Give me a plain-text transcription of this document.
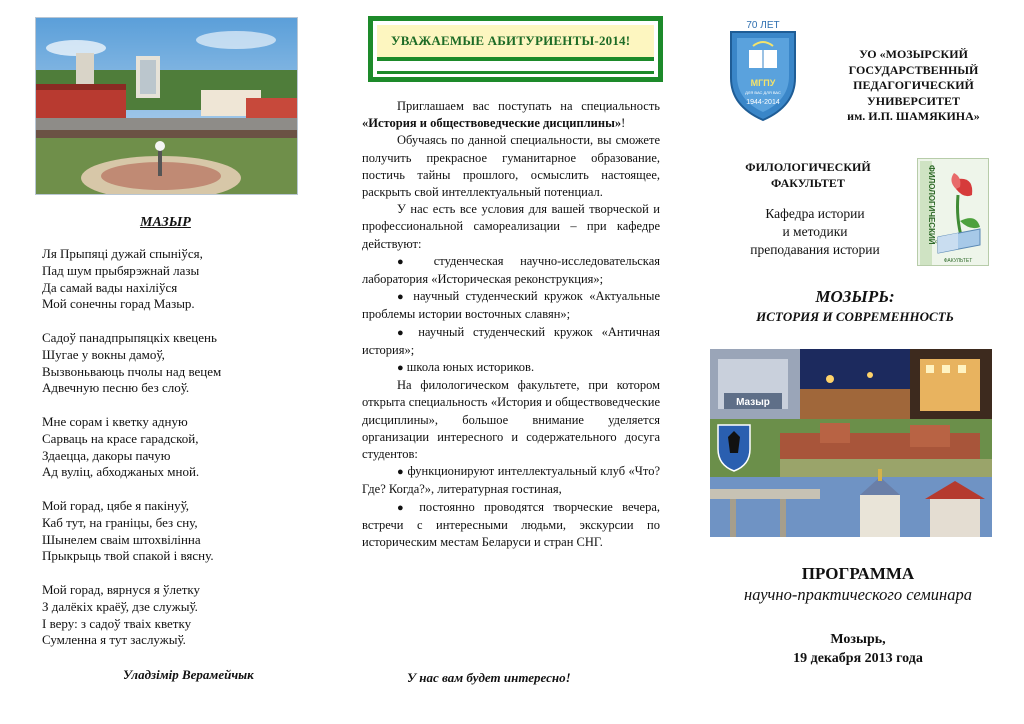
МАЗЫР
Ля Прыпяці дужай спыніўся,
Пад шум прыбярэжнай лазы
Да самай вады нахіліўся
Мой сонечны горад Мазыр.
Садоў панадпрыпяцкіх квецень
Шугае у вокны дамоў,
Вызвоньваюць пчолы над вецем
Адвечную песню без слоў.
Мне сорам і кветку адную
Сарваць на красе гарадской,
Здаецца, дакоры пачую
Ад вуліц, абходжаных мной.
Мой горад, цябе я пакінуў,
Каб тут, на граніцы, без сну,
Шынелем сваім штохвілінна
Прыкрыць твой спакой і вясну.
Мой горад, вярнуся я ўлетку
З далёкіх краёў, дзе служыў.
І веру: з садоў тваіх кветку
Сумленна я тут заслужыў.
Уладзімір Верамейчык
УВАЖАЕМЫЕ АБИТУРИЕНТЫ-2014!

Приглашаем вас поступать на специальность «История и обществоведческие дисциплины»!

Обучаясь по данной специальности, вы сможете получить прекрасное гуманитарное образование, постичь тайны прошлого, осмыслить настоящее, раскрыть свой интеллектуальный потенциал.

У нас есть все условия для вашей творческой и профессиональной самореализации – при кафедре действуют:

● студенческая научно-исследовательская лаборатория «Историческая реконструкция»;

● научный студенческий кружок «Актуальные проблемы истории восточных славян»;

● научный студенческий кружок «Античная история»;

● школа юных историков.

На филологическом факультете, при котором открыта специальность «История и обществоведческие дисциплины», большое внимание уделяется организации интересного и содержательного досуга студентов:

● функционируют интеллектуальный клуб «Что? Где? Когда?», литературная гостиная,

● постоянно проводятся творческие вечера, встречи с интересными людьми, экскурсии по историческим местам Беларуси и стран СНГ.

У нас вам будет интересно!
70 ЛЕТ
МГПУ
ДЛЯ ВАС ДЛЯ ВАС
1944-2014
УО «МОЗЫРСКИЙ
ГОСУДАРСТВЕННЫЙ
ПЕДАГОГИЧЕСКИЙ
УНИВЕРСИТЕТ
им. И.П. ШАМЯКИНА»
ФИЛОЛОГИЧЕСКИЙ
ФАКУЛЬТЕТ
Кафедра истории
и методики
преподавания истории
ФИЛОЛОГИЧЕСКИЙ
ФАКУЛЬТЕТ
МОЗЫРЬ:
ИСТОРИЯ И СОВРЕМЕННОСТЬ
Мазыр
ПРОГРАММА
научно-практического семинара
Мозырь,
19 декабря 2013 года
